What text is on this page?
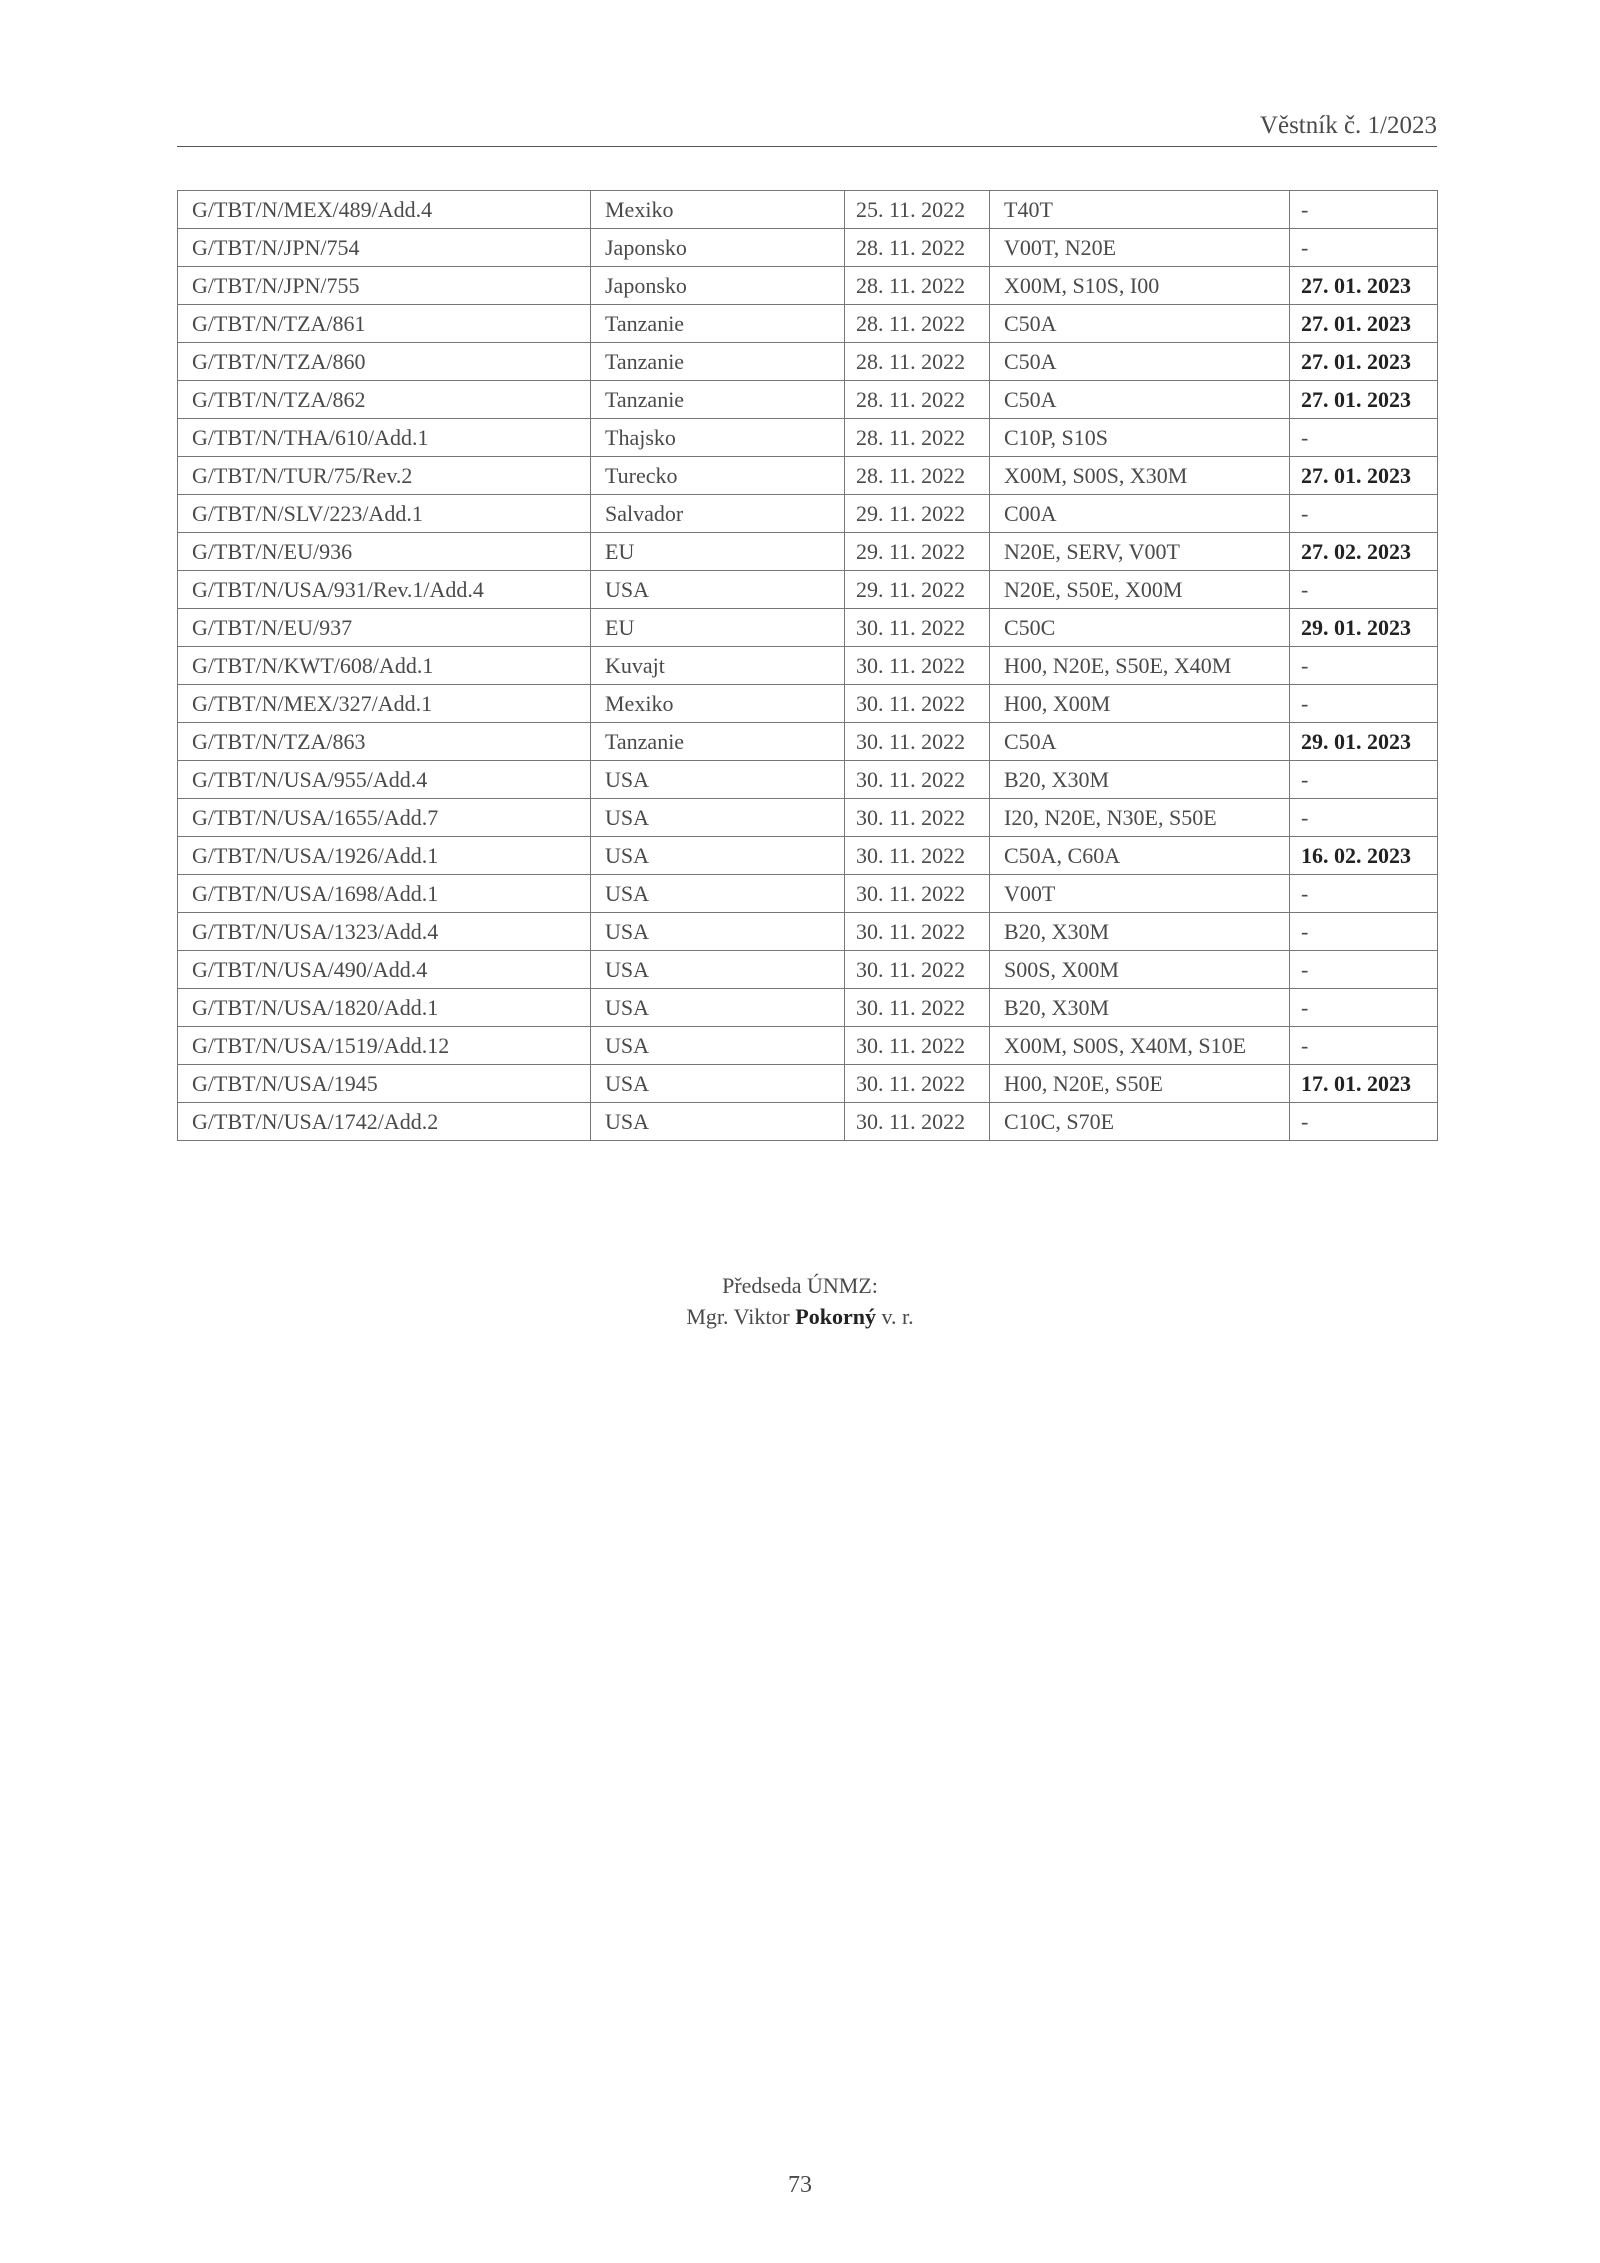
Věstník č. 1/2023
G/TBT/N/MEX/489/Add.4	Mexiko	25. 11. 2022	T40T	-
G/TBT/N/JPN/754	Japonsko	28. 11. 2022	V00T, N20E	-
G/TBT/N/JPN/755	Japonsko	28. 11. 2022	X00M, S10S, I00	27. 01. 2023
G/TBT/N/TZA/861	Tanzanie	28. 11. 2022	C50A	27. 01. 2023
G/TBT/N/TZA/860	Tanzanie	28. 11. 2022	C50A	27. 01. 2023
G/TBT/N/TZA/862	Tanzanie	28. 11. 2022	C50A	27. 01. 2023
G/TBT/N/THA/610/Add.1	Thajsko	28. 11. 2022	C10P, S10S	-
G/TBT/N/TUR/75/Rev.2	Turecko	28. 11. 2022	X00M, S00S, X30M	27. 01. 2023
G/TBT/N/SLV/223/Add.1	Salvador	29. 11. 2022	C00A	-
G/TBT/N/EU/936	EU	29. 11. 2022	N20E, SERV, V00T	27. 02. 2023
G/TBT/N/USA/931/Rev.1/Add.4	USA	29. 11. 2022	N20E, S50E, X00M	-
G/TBT/N/EU/937	EU	30. 11. 2022	C50C	29. 01. 2023
G/TBT/N/KWT/608/Add.1	Kuvajt	30. 11. 2022	H00, N20E, S50E, X40M	-
G/TBT/N/MEX/327/Add.1	Mexiko	30. 11. 2022	H00, X00M	-
G/TBT/N/TZA/863	Tanzanie	30. 11. 2022	C50A	29. 01. 2023
G/TBT/N/USA/955/Add.4	USA	30. 11. 2022	B20, X30M	-
G/TBT/N/USA/1655/Add.7	USA	30. 11. 2022	I20, N20E, N30E, S50E	-
G/TBT/N/USA/1926/Add.1	USA	30. 11. 2022	C50A, C60A	16. 02. 2023
G/TBT/N/USA/1698/Add.1	USA	30. 11. 2022	V00T	-
G/TBT/N/USA/1323/Add.4	USA	30. 11. 2022	B20, X30M	-
G/TBT/N/USA/490/Add.4	USA	30. 11. 2022	S00S, X00M	-
G/TBT/N/USA/1820/Add.1	USA	30. 11. 2022	B20, X30M	-
G/TBT/N/USA/1519/Add.12	USA	30. 11. 2022	X00M, S00S, X40M, S10E	-
G/TBT/N/USA/1945	USA	30. 11. 2022	H00, N20E, S50E	17. 01. 2023
G/TBT/N/USA/1742/Add.2	USA	30. 11. 2022	C10C, S70E	-
Předseda ÚNMZ:
Mgr. Viktor Pokorný v. r.
73
